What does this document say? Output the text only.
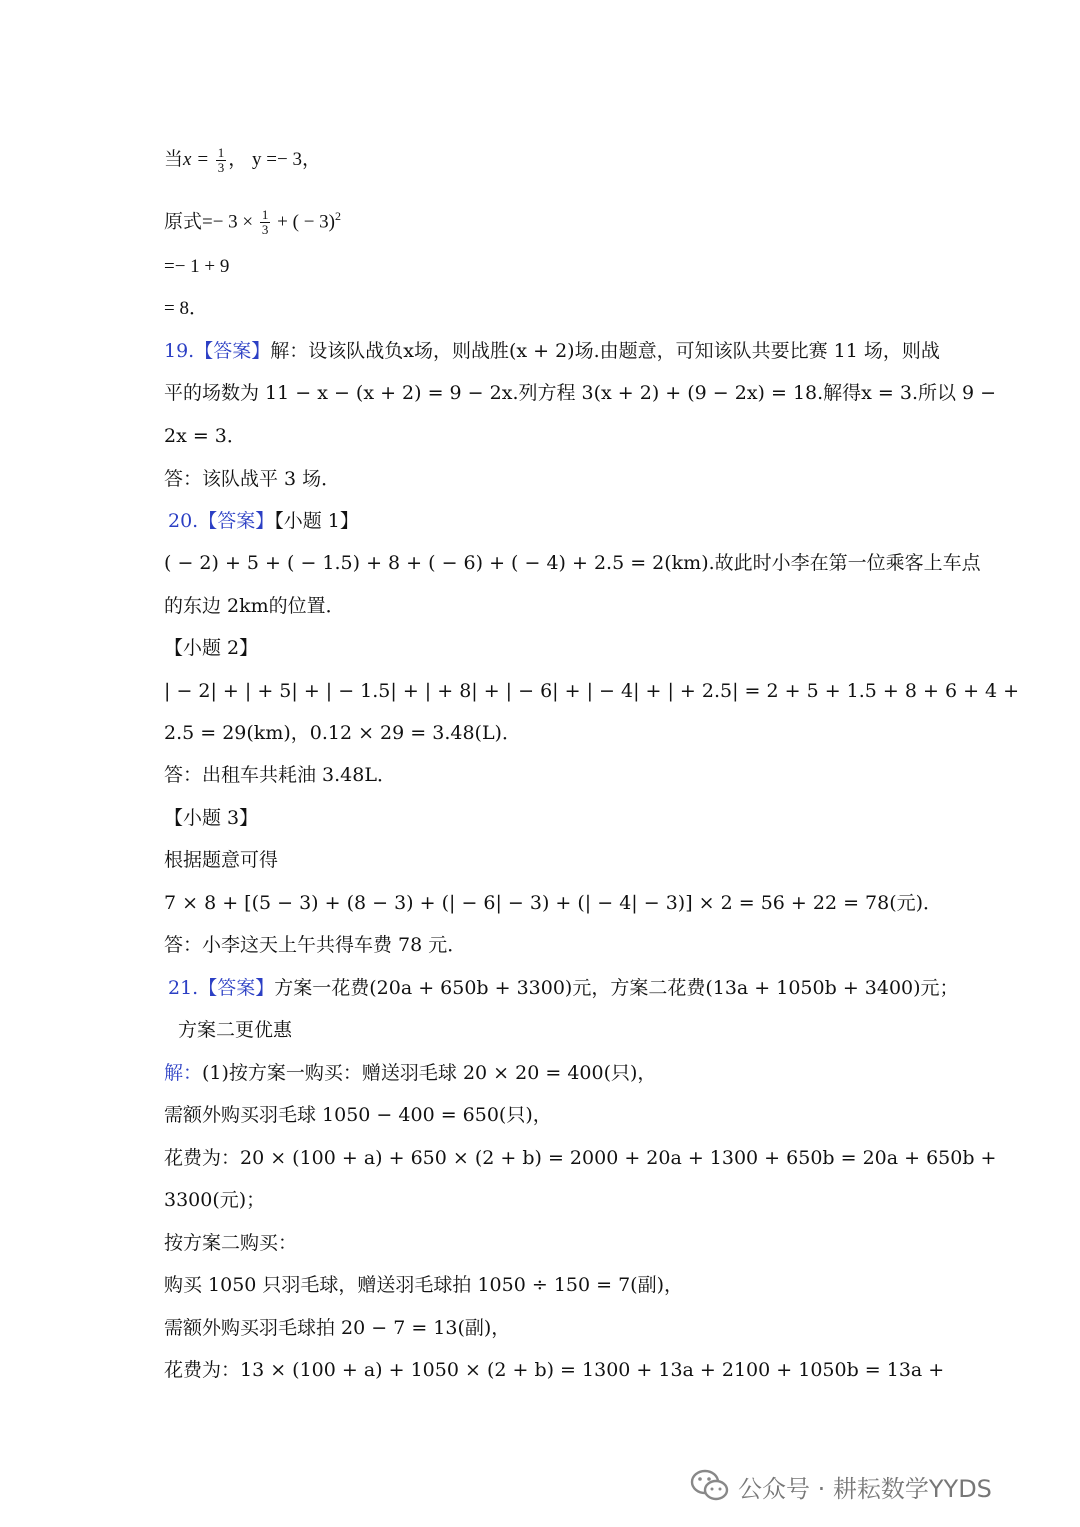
当$x = \frac{1}{3}$ ， y =− 3，
原式=− $3 \times \frac{1}{3}$ + ( − 3)$^2$
=− 1 + 9
= 8．
19.【答案】解：设该队战负x场，则战胜(x + 2)场.由题意，可知该队共要比赛 11 场，则战
平的场数为 11 − x − (x + 2) = 9 − 2x.列方程 3(x + 2) + (9 − 2x) = 18.解得x = 3.所以 9 −
2x = 3．
答：该队战平 3 场．
20.【答案】【小题 1】
( − 2) + 5 + ( − 1.5) + 8 + ( − 6) + ( − 4) + 2.5 = 2(km).故此时小李在第一位乘客上车点
的东边 2km的位置．
【小题 2】
| − 2| + | + 5| + | − 1.5| + | + 8| + | − 6| + | − 4| + | + 2.5| = 2 + 5 + 1.5 + 8 + 6 + 4 +
2.5 = 29(km)，0.12 × 29 = 3.48(L)．
答：出租车共耗油 3.48L．
【小题 3】
根据题意可得
7 × 8 + [(5 − 3) + (8 − 3) + (| − 6| − 3) + (| − 4| − 3)] × 2 = 56 + 22 = 78(元)．
答：小李这天上午共得车费 78 元．
21.【答案】方案一花费(20a + 650b + 3300)元，方案二花费(13a + 1050b + 3400)元；
方案二更优惠
解：(1)按方案一购买：赠送羽毛球 20 × 20 = 400(只)，
需额外购买羽毛球 1050 − 400 = 650(只)，
花费为：20 × (100 + a) + 650 × (2 + b) = 2000 + 20a + 1300 + 650b = 20a + 650b +
3300(元)；
按方案二购买：
购买 1050 只羽毛球，赠送羽毛球拍 1050 ÷ 150 = 7(副)，
需额外购买羽毛球拍 20 − 7 = 13(副)，
花费为：13 × (100 + a) + 1050 × (2 + b) = 1300 + 13a + 2100 + 1050b = 13a +
公众号 · 耕耘数学YYDS
